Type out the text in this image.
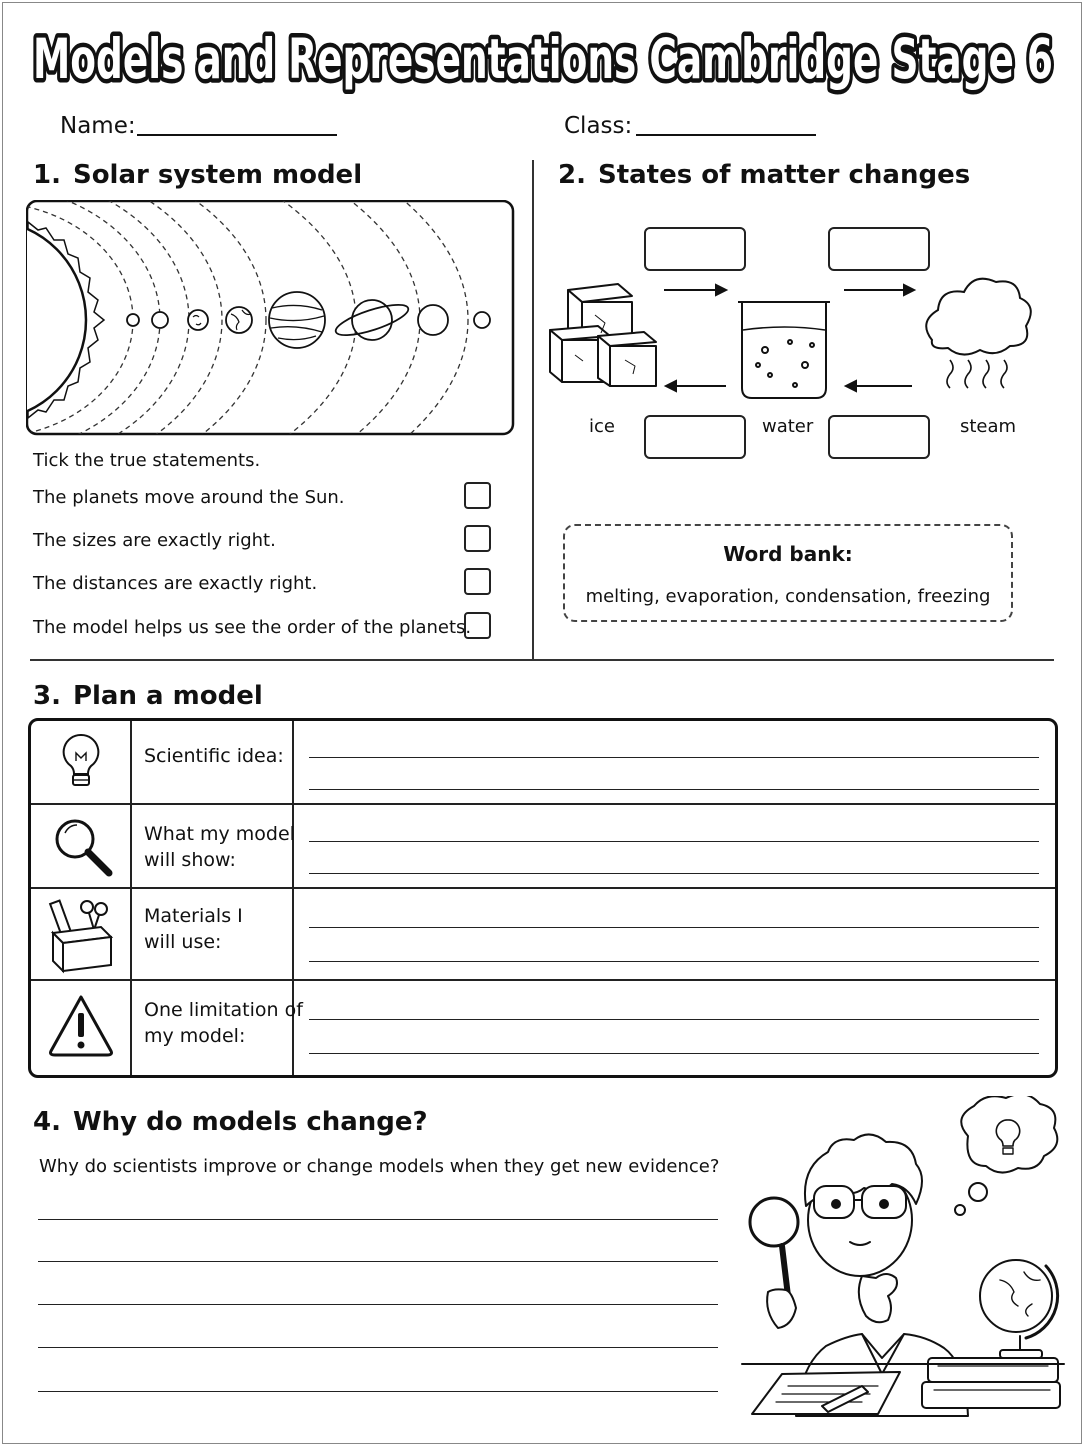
Models and Representations Cambridge Stage 6
Models and Representations Cambridge Stage 6
Name:	Class:
1. Solar system model
Tick the true statements.
The planets move around the Sun.
The sizes are exactly right.
The distances are exactly right.
The model helps us see the order of the planets.
2. States of matter changes
ice	water	steam
Word bank:
melting, evaporation, condensation, freezing
3. Plan a model
Scientific idea:
What my model
will show:
Materials I
will use:
One limitation of
my model:
4. Why do models change?
Why do scientists improve or change models when they get new evidence?
